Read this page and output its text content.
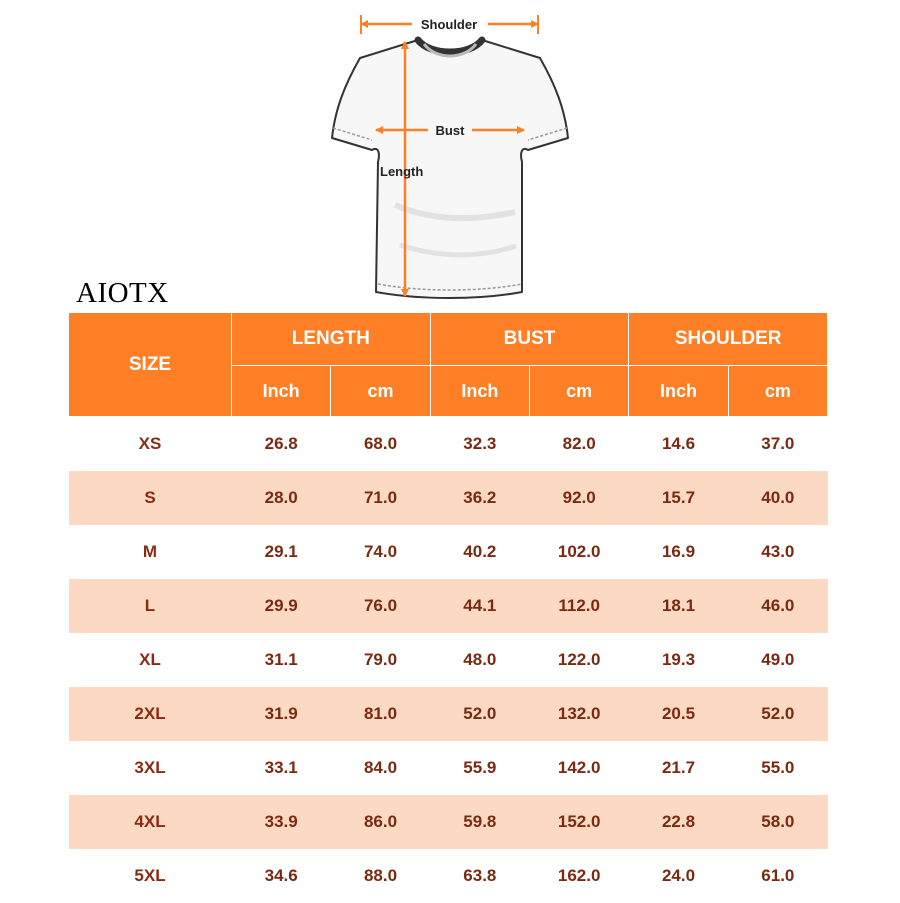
Shoulder
Bust
Length
AIOTX
SIZE	LENGTH		BUST		SHOULDER	
	Inch	cm	Inch	cm	Inch	cm
XS	26.8	68.0	32.3	82.0	14.6	37.0
S	28.0	71.0	36.2	92.0	15.7	40.0
M	29.1	74.0	40.2	102.0	16.9	43.0
L	29.9	76.0	44.1	112.0	18.1	46.0
XL	31.1	79.0	48.0	122.0	19.3	49.0
2XL	31.9	81.0	52.0	132.0	20.5	52.0
3XL	33.1	84.0	55.9	142.0	21.7	55.0
4XL	33.9	86.0	59.8	152.0	22.8	58.0
5XL	34.6	88.0	63.8	162.0	24.0	61.0
